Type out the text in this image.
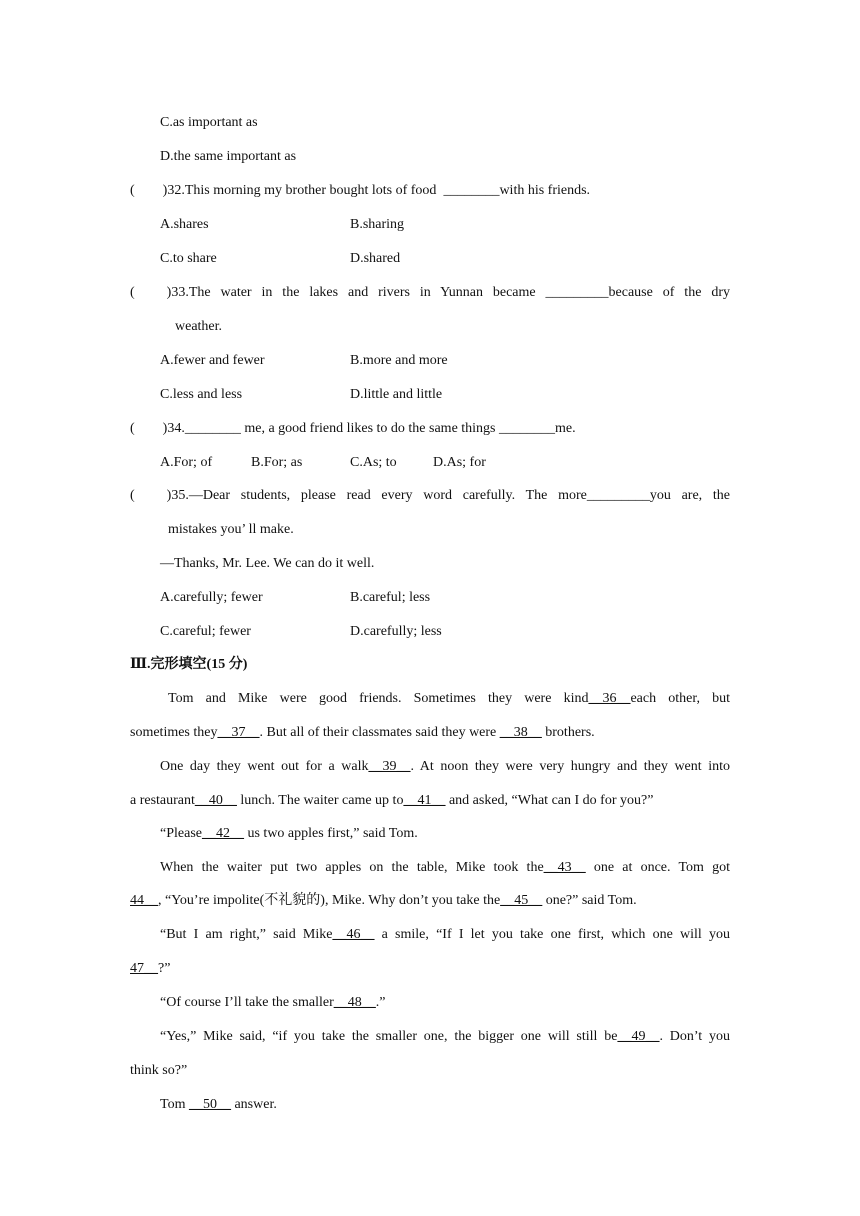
C.as important as
D.the same important as
( )32.This morning my brother bought lots of food ________with his friends.
A.shares	B.sharing
C.to share	D.shared
( )33.The water in the lakes and rivers in Yunnan became _________because of the dry
weather.
A.fewer and fewer	B.more and more
C.less and less	D.little and little
( )34.________ me, a good friend likes to do the same things ________me.
A.For; of	B.For; as	C.As; to	D.As; for
( )35.—Dear students, please read every word carefully. The more_________you are, the
mistakes you’ ll make.
—Thanks, Mr. Lee. We can do it well.
A.carefully; fewer	B.careful; less
C.careful; fewer	D.carefully; less
Ⅲ.完形填空(15 分)
Tom and Mike were good friends. Sometimes they were kind__36__each other, but
sometimes they__37__. But all of their classmates said they were __38__ brothers.
One day they went out for a walk__39__. At noon they were very hungry and they went into
a restaurant__40__ lunch. The waiter came up to__41__ and asked, “What can I do for you?”
“Please__42__ us two apples first,” said Tom.
When the waiter put two apples on the table, Mike took the__43__ one at once. Tom got
44__, “You’re impolite(不礼貌的), Mike. Why don’t you take the__45__ one?” said Tom.
“But I am right,” said Mike__46__ a smile, “If I let you take one first, which one will you
47__?”
“Of course I’ll take the smaller__48__.”
“Yes,” Mike said, “if you take the smaller one, the bigger one will still be__49__. Don’t you
think so?”
Tom __50__ answer.
